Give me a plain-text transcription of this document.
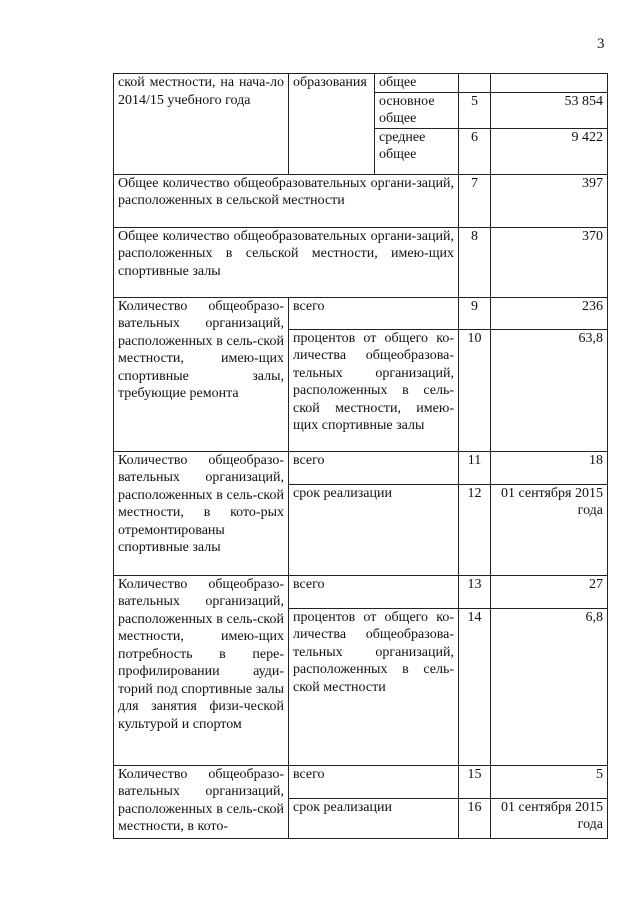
3
ской местности, на нача-ло 2014/15 учебного года	образования	общее		
		основное общее	5	53 854
		среднее общее	6	9 422
Общее количество общеобразовательных органи-заций, расположенных в сельской местности			7	397
Общее количество общеобразовательных органи-заций, расположенных в сельской местности, имею-щих спортивные залы			8	370
Количество общеобразо-вательных организаций, расположенных в сель-ской местности, имею-щих спортивные залы, требующие ремонта	всего		9	236
	процентов от общего ко-личества общеобразова-тельных организаций, расположенных в сель-ской местности, имею-щих спортивные залы		10	63,8
Количество общеобразо-вательных организаций, расположенных в сель-ской местности, в кото-рых отремонтированы спортивные залы	всего		11	18
	срок реализации		12	01 сентября 2015 года
Количество общеобразо-вательных организаций, расположенных в сель-ской местности, имею-щих потребность в пере-профилировании ауди-торий под спортивные залы для занятия физи-ческой культурой и спортом	всего		13	27
	процентов от общего ко-личества общеобразова-тельных организаций, расположенных в сель-ской местности		14	6,8
Количество общеобразо-вательных организаций, расположенных в сель-ской местности, в кото-	всего		15	5
	срок реализации		16	01 сентября 2015 года
